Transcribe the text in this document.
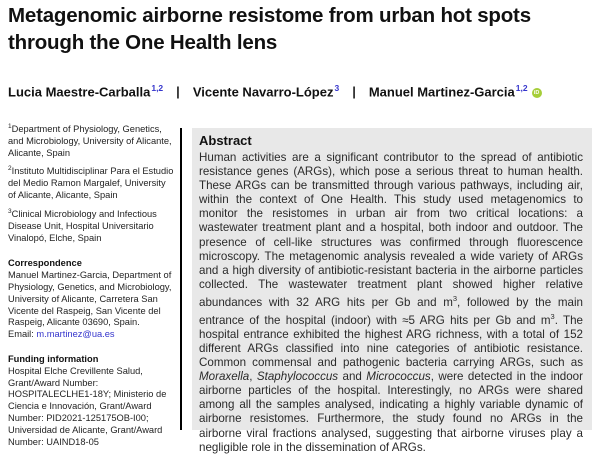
Metagenomic airborne resistome from urban hot spots through the One Health lens
Lucia Maestre-Carballa$^{1,2}$ | Vicente Navarro-López$^3$ | Manuel Martinez-Garcia$^{1,2}$iD

$^1$Department of Physiology, Genetics, and Microbiology, University of Alicante, Alicante, Spain

$^2$Instituto Multidisciplinar Para el Estudio del Medio Ramon Margalef, University of Alicante, Alicante, Spain

$^3$Clinical Microbiology and Infectious Disease Unit, Hospital Universitario Vinalopó, Elche, Spain

Correspondence

Manuel Martinez-Garcia, Department of Physiology, Genetics, and Microbiology, University of Alicante, Carretera San Vicente del Raspeig, San Vicente del Raspeig, Alicante 03690, Spain.

Email: m.martinez@ua.es

Funding information

Hospital Elche Crevillente Salud, Grant/Award Number: HOSPITALECLHE1-18Y; Ministerio de Ciencia e Innovación, Grant/Award Number: PID2021-125175OB-I00; Universidad de Alicante, Grant/Award Number: UAIND18-05

Abstract

Human activities are a significant contributor to the spread of antibiotic resistance genes (ARGs), which pose a serious threat to human health. These ARGs can be transmitted through various pathways, including air, within the context of One Health. This study used metagenomics to monitor the resistomes in urban air from two critical locations: a wastewater treatment plant and a hospital, both indoor and outdoor. The presence of cell-like structures was confirmed through fluorescence microscopy. The metagenomic analysis revealed a wide variety of ARGs and a high diversity of antibiotic-resistant bacteria in the airborne particles collected. The wastewater treatment plant showed higher relative abundances with 32 ARG hits per Gb and $m^3$, followed by the main entrance of the hospital (indoor) with ≈5 ARG hits per Gb and $m^3$. The hospital entrance exhibited the highest ARG richness, with a total of 152 different ARGs classified into nine categories of antibiotic resistance. Common commensal and pathogenic bacteria carrying ARGs, such as Moraxella, Staphylococcus and Micrococcus, were detected in the indoor airborne particles of the hospital. Interestingly, no ARGs were shared among all the samples analysed, indicating a highly variable dynamic of airborne resistomes. Furthermore, the study found no ARGs in the airborne viral fractions analysed, suggesting that airborne viruses play a negligible role in the dissemination of ARGs.
